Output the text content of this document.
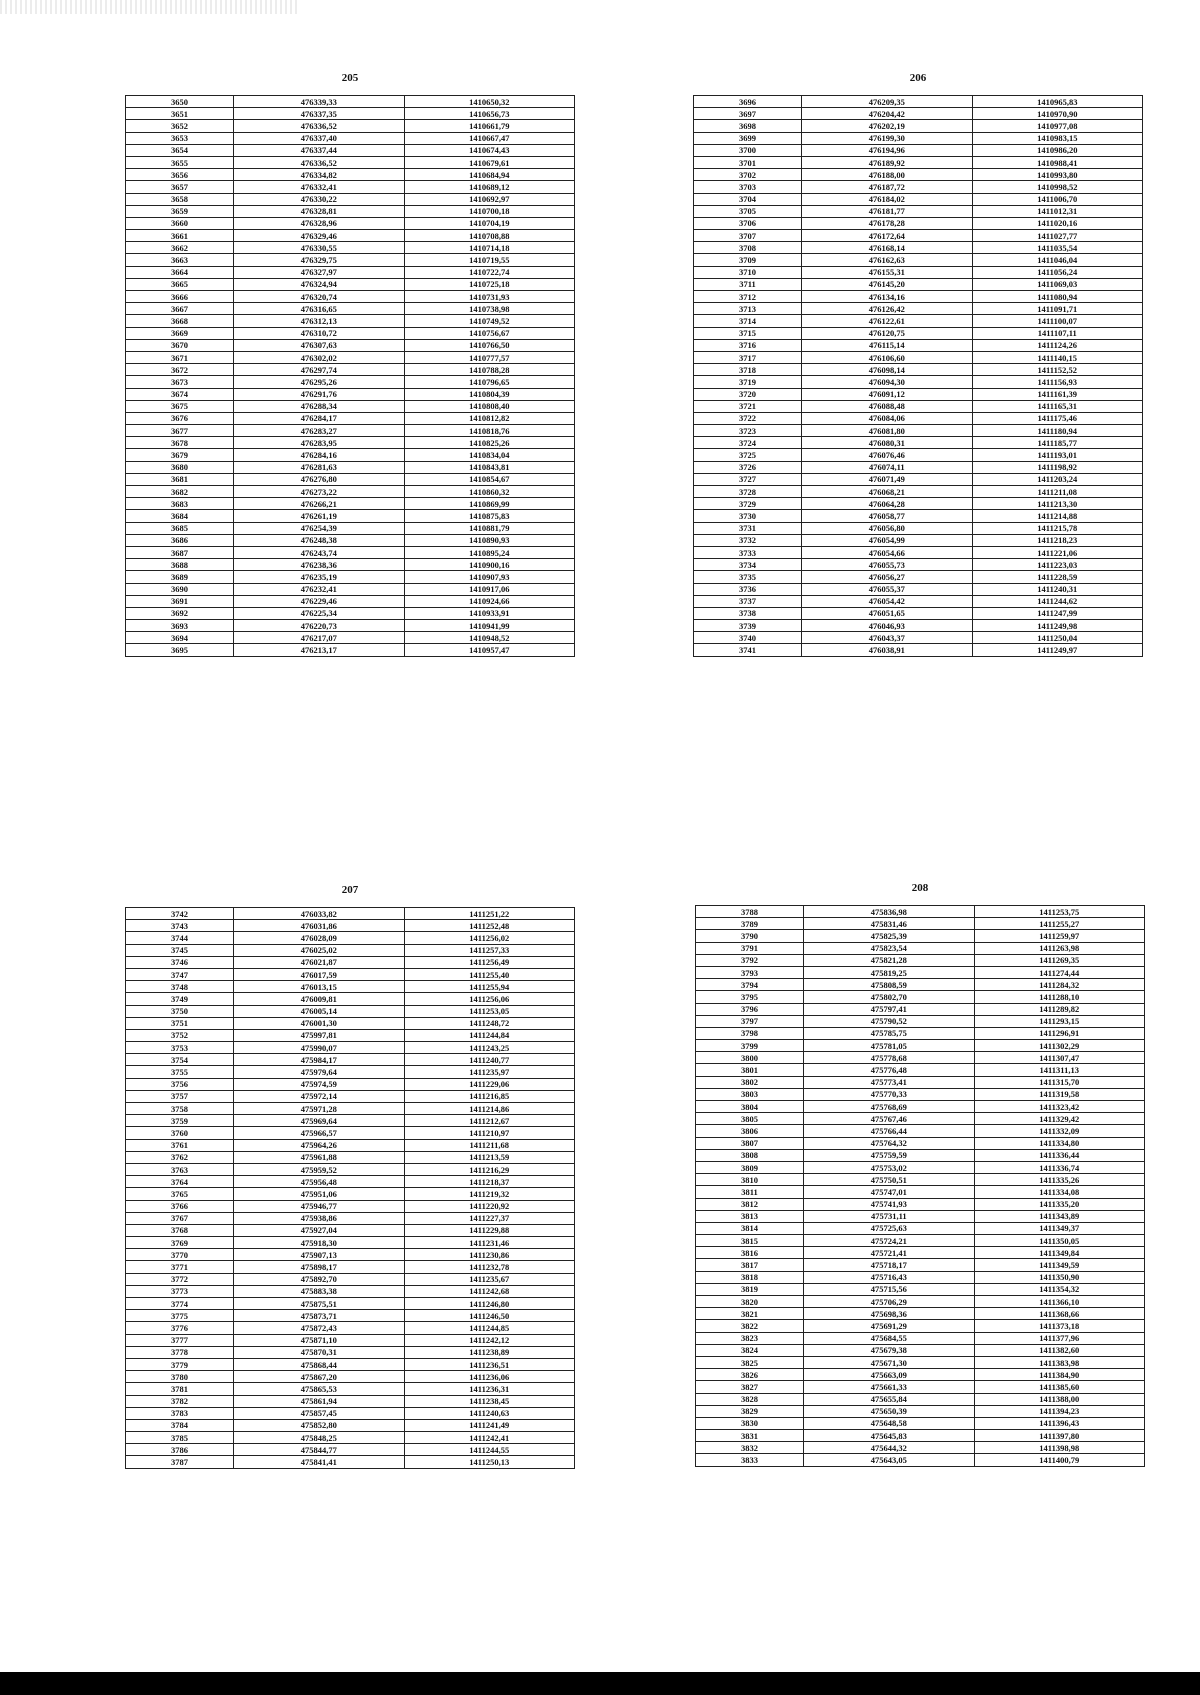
205
3650	476339,33	1410650,32
3651	476337,35	1410656,73
3652	476336,52	1410661,79
3653	476337,40	1410667,47
3654	476337,44	1410674,43
3655	476336,52	1410679,61
3656	476334,82	1410684,94
3657	476332,41	1410689,12
3658	476330,22	1410692,97
3659	476328,81	1410700,18
3660	476328,96	1410704,19
3661	476329,46	1410708,88
3662	476330,55	1410714,18
3663	476329,75	1410719,55
3664	476327,97	1410722,74
3665	476324,94	1410725,18
3666	476320,74	1410731,93
3667	476316,65	1410738,98
3668	476312,13	1410749,52
3669	476310,72	1410756,67
3670	476307,63	1410766,50
3671	476302,02	1410777,57
3672	476297,74	1410788,28
3673	476295,26	1410796,65
3674	476291,76	1410804,39
3675	476288,34	1410808,40
3676	476284,17	1410812,82
3677	476283,27	1410818,76
3678	476283,95	1410825,26
3679	476284,16	1410834,04
3680	476281,63	1410843,81
3681	476276,80	1410854,67
3682	476273,22	1410860,32
3683	476266,21	1410869,99
3684	476261,19	1410875,83
3685	476254,39	1410881,79
3686	476248,38	1410890,93
3687	476243,74	1410895,24
3688	476238,36	1410900,16
3689	476235,19	1410907,93
3690	476232,41	1410917,06
3691	476229,46	1410924,66
3692	476225,34	1410933,91
3693	476220,73	1410941,99
3694	476217,07	1410948,52
3695	476213,17	1410957,47
206
3696	476209,35	1410965,83
3697	476204,42	1410970,90
3698	476202,19	1410977,08
3699	476199,30	1410983,15
3700	476194,96	1410986,20
3701	476189,92	1410988,41
3702	476188,00	1410993,80
3703	476187,72	1410998,52
3704	476184,02	1411006,70
3705	476181,77	1411012,31
3706	476178,28	1411020,16
3707	476172,64	1411027,77
3708	476168,14	1411035,54
3709	476162,63	1411046,04
3710	476155,31	1411056,24
3711	476145,20	1411069,03
3712	476134,16	1411080,94
3713	476126,42	1411091,71
3714	476122,61	1411100,07
3715	476120,75	1411107,11
3716	476115,14	1411124,26
3717	476106,60	1411140,15
3718	476098,14	1411152,52
3719	476094,30	1411156,93
3720	476091,12	1411161,39
3721	476088,48	1411165,31
3722	476084,06	1411175,46
3723	476081,80	1411180,94
3724	476080,31	1411185,77
3725	476076,46	1411193,01
3726	476074,11	1411198,92
3727	476071,49	1411203,24
3728	476068,21	1411211,08
3729	476064,28	1411213,30
3730	476058,77	1411214,88
3731	476056,80	1411215,78
3732	476054,99	1411218,23
3733	476054,66	1411221,06
3734	476055,73	1411223,03
3735	476056,27	1411228,59
3736	476055,37	1411240,31
3737	476054,42	1411244,62
3738	476051,65	1411247,99
3739	476046,93	1411249,98
3740	476043,37	1411250,04
3741	476038,91	1411249,97
207
3742	476033,82	1411251,22
3743	476031,86	1411252,48
3744	476028,09	1411256,02
3745	476025,02	1411257,33
3746	476021,87	1411256,49
3747	476017,59	1411255,40
3748	476013,15	1411255,94
3749	476009,81	1411256,06
3750	476005,14	1411253,05
3751	476001,30	1411248,72
3752	475997,81	1411244,84
3753	475990,07	1411243,25
3754	475984,17	1411240,77
3755	475979,64	1411235,97
3756	475974,59	1411229,06
3757	475972,14	1411216,85
3758	475971,28	1411214,86
3759	475969,64	1411212,67
3760	475966,57	1411210,97
3761	475964,26	1411211,68
3762	475961,88	1411213,59
3763	475959,52	1411216,29
3764	475956,48	1411218,37
3765	475951,06	1411219,32
3766	475946,77	1411220,92
3767	475938,86	1411227,37
3768	475927,04	1411229,88
3769	475918,30	1411231,46
3770	475907,13	1411230,86
3771	475898,17	1411232,78
3772	475892,70	1411235,67
3773	475883,38	1411242,68
3774	475875,51	1411246,80
3775	475873,71	1411246,50
3776	475872,43	1411244,85
3777	475871,10	1411242,12
3778	475870,31	1411238,89
3779	475868,44	1411236,51
3780	475867,20	1411236,06
3781	475865,53	1411236,31
3782	475861,94	1411238,45
3783	475857,45	1411240,63
3784	475852,80	1411241,49
3785	475848,25	1411242,41
3786	475844,77	1411244,55
3787	475841,41	1411250,13
208
3788	475836,98	1411253,75
3789	475831,46	1411255,27
3790	475825,39	1411259,97
3791	475823,54	1411263,98
3792	475821,28	1411269,35
3793	475819,25	1411274,44
3794	475808,59	1411284,32
3795	475802,70	1411288,10
3796	475797,41	1411289,82
3797	475790,52	1411293,15
3798	475785,75	1411296,91
3799	475781,05	1411302,29
3800	475778,68	1411307,47
3801	475776,48	1411311,13
3802	475773,41	1411315,70
3803	475770,33	1411319,58
3804	475768,69	1411323,42
3805	475767,46	1411329,42
3806	475766,44	1411332,09
3807	475764,32	1411334,80
3808	475759,59	1411336,44
3809	475753,02	1411336,74
3810	475750,51	1411335,26
3811	475747,01	1411334,08
3812	475741,93	1411335,20
3813	475731,11	1411343,89
3814	475725,63	1411349,37
3815	475724,21	1411350,05
3816	475721,41	1411349,84
3817	475718,17	1411349,59
3818	475716,43	1411350,90
3819	475715,56	1411354,32
3820	475706,29	1411366,10
3821	475698,36	1411368,66
3822	475691,29	1411373,18
3823	475684,55	1411377,96
3824	475679,38	1411382,60
3825	475671,30	1411383,98
3826	475663,09	1411384,90
3827	475661,33	1411385,60
3828	475655,84	1411388,00
3829	475650,39	1411394,23
3830	475648,58	1411396,43
3831	475645,83	1411397,80
3832	475644,32	1411398,98
3833	475643,05	1411400,79
